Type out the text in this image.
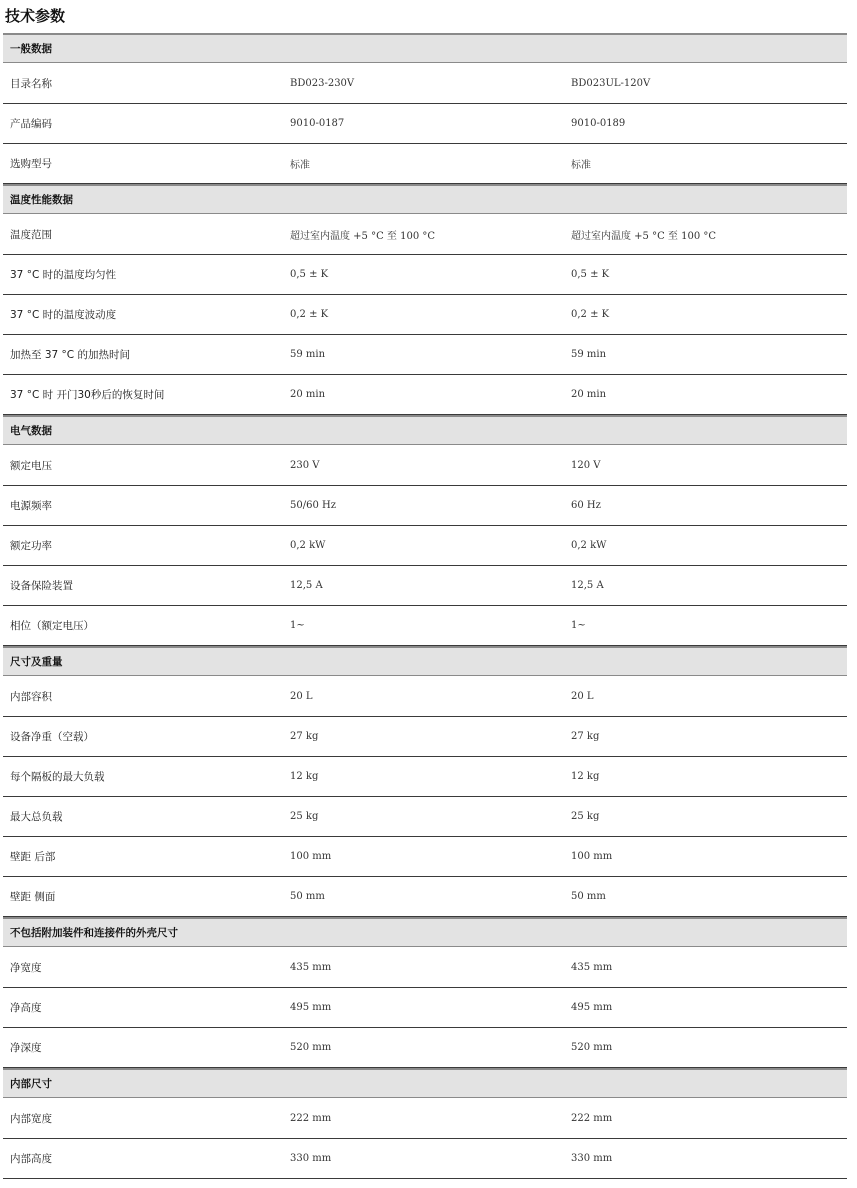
技术参数
一般数据
目录名称	BD023-230V	BD023UL-120V
产品编码	9010-0187	9010-0189
选购型号	标准	标准
温度性能数据
温度范围	超过室内温度 +5 °C 至 100 °C	超过室内温度 +5 °C 至 100 °C
37 °C 时的温度均匀性	0,5 ± K	0,5 ± K
37 °C 时的温度波动度	0,2 ± K	0,2 ± K
加热至 37 °C 的加热时间	59 min	59 min
37 °C 时 开门30秒后的恢复时间	20 min	20 min
电气数据
额定电压	230 V	120 V
电源频率	50/60 Hz	60 Hz
额定功率	0,2 kW	0,2 kW
设备保险装置	12,5 A	12,5 A
相位（额定电压）	1~	1~
尺寸及重量
内部容积	20 L	20 L
设备净重（空载）	27 kg	27 kg
每个隔板的最大负载	12 kg	12 kg
最大总负载	25 kg	25 kg
壁距 后部	100 mm	100 mm
壁距 侧面	50 mm	50 mm
不包括附加装件和连接件的外壳尺寸
净宽度	435 mm	435 mm
净高度	495 mm	495 mm
净深度	520 mm	520 mm
内部尺寸
内部宽度	222 mm	222 mm
内部高度	330 mm	330 mm
